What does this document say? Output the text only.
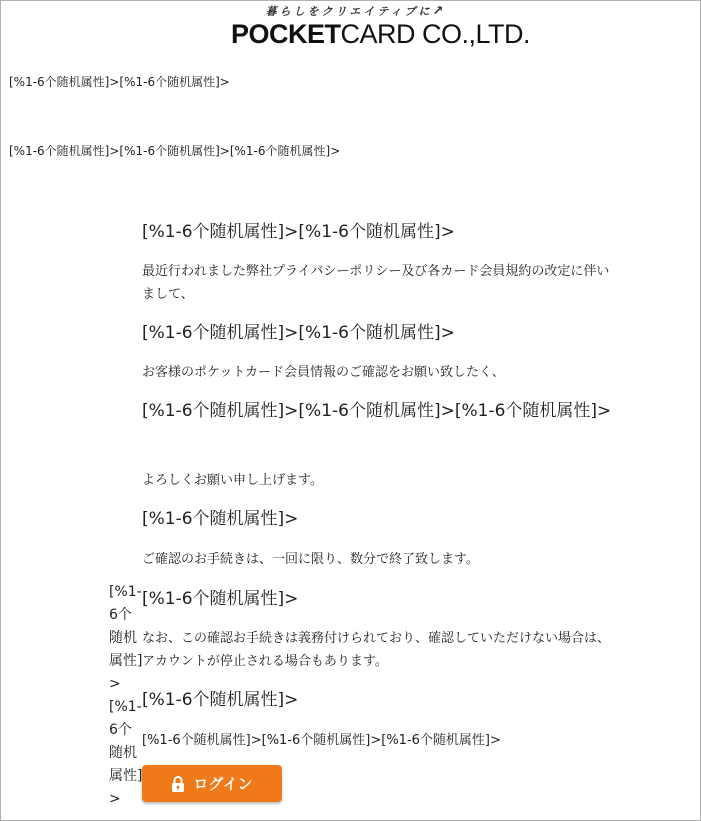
暮らしをクリエイティブに↗
POCKETCARD CO.,LTD.
[%1-6个随机属性]>[%1-6个随机属性]>
[%1-6个随机属性]>[%1-6个随机属性]>[%1-6个随机属性]>
[%1-6个随机属性]>[%1-6个随机属性]>
最近行われました弊社プライバシーポリシー及び各カード会員規約の改定に伴いまして、
[%1-6个随机属性]>[%1-6个随机属性]>
お客様のポケットカード会員情報のご確認をお願い致したく、
[%1-6个随机属性]>[%1-6个随机属性]>[%1-6个随机属性]>
よろしくお願い申し上げます。
[%1-6个随机属性]>
ご確認のお手続きは、一回に限り、数分で終了致します。
[%1-6个随机属性]>
なお、この確認お手続きは義務付けられており、確認していただけない場合は、アカウントが停止される場合もあります。
[%1-6个随机属性]>
[%1-6个随机属性]>[%1-6个随机属性]>[%1-6个随机属性]>
[%1-6个随机属性]>
[%1-6个随机属性]>
ログイン
